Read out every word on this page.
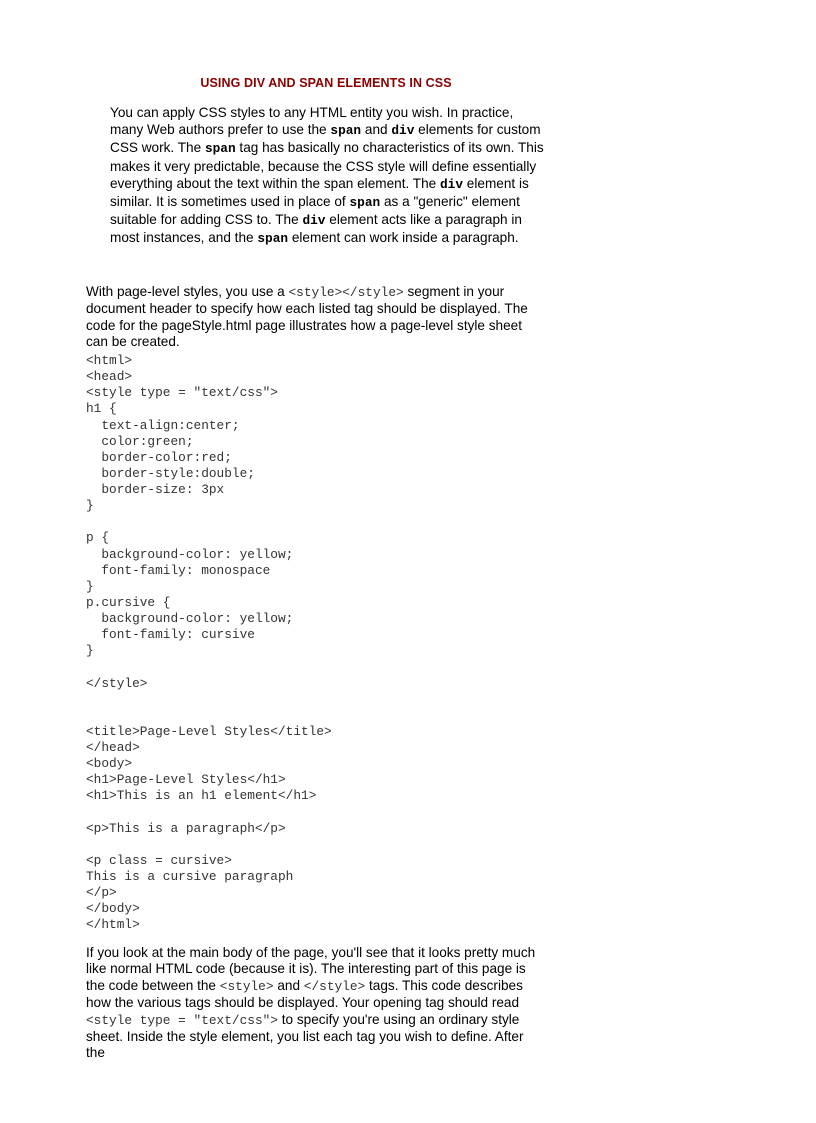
USING DIV AND SPAN ELEMENTS IN CSS
You can apply CSS styles to any HTML entity you wish. In practice, many Web authors prefer to use the span and div elements for custom CSS work. The span tag has basically no characteristics of its own. This makes it very predictable, because the CSS style will define essentially everything about the text within the span element. The div element is similar. It is sometimes used in place of span as a "generic" element suitable for adding CSS to. The div element acts like a paragraph in most instances, and the span element can work inside a paragraph.
With page-level styles, you use a <style></style> segment in your document header to specify how each listed tag should be displayed. The code for the pageStyle.html page illustrates how a page-level style sheet can be created.
<html>
<head>
<style type = "text/css">
h1 {
text-align:center;
color:green;
border-color:red;
border-style:double;
border-size: 3px
}

p {
background-color: yellow;
font-family: monospace
}
p.cursive {
background-color: yellow;
font-family: cursive
}

</style>

<title>Page-Level Styles</title>
</head>
<body>
<h1>Page-Level Styles</h1>
<h1>This is an h1 element</h1>

<p>This is a paragraph</p>

<p class = cursive>
This is a cursive paragraph
</p>
</body>
</html>
If you look at the main body of the page, you'll see that it looks pretty much like normal HTML code (because it is). The interesting part of this page is the code between the <style> and </style> tags. This code describes how the various tags should be displayed. Your opening tag should read <style type = "text/css"> to specify you're using an ordinary style sheet. Inside the style element, you list each tag you wish to define. After the
